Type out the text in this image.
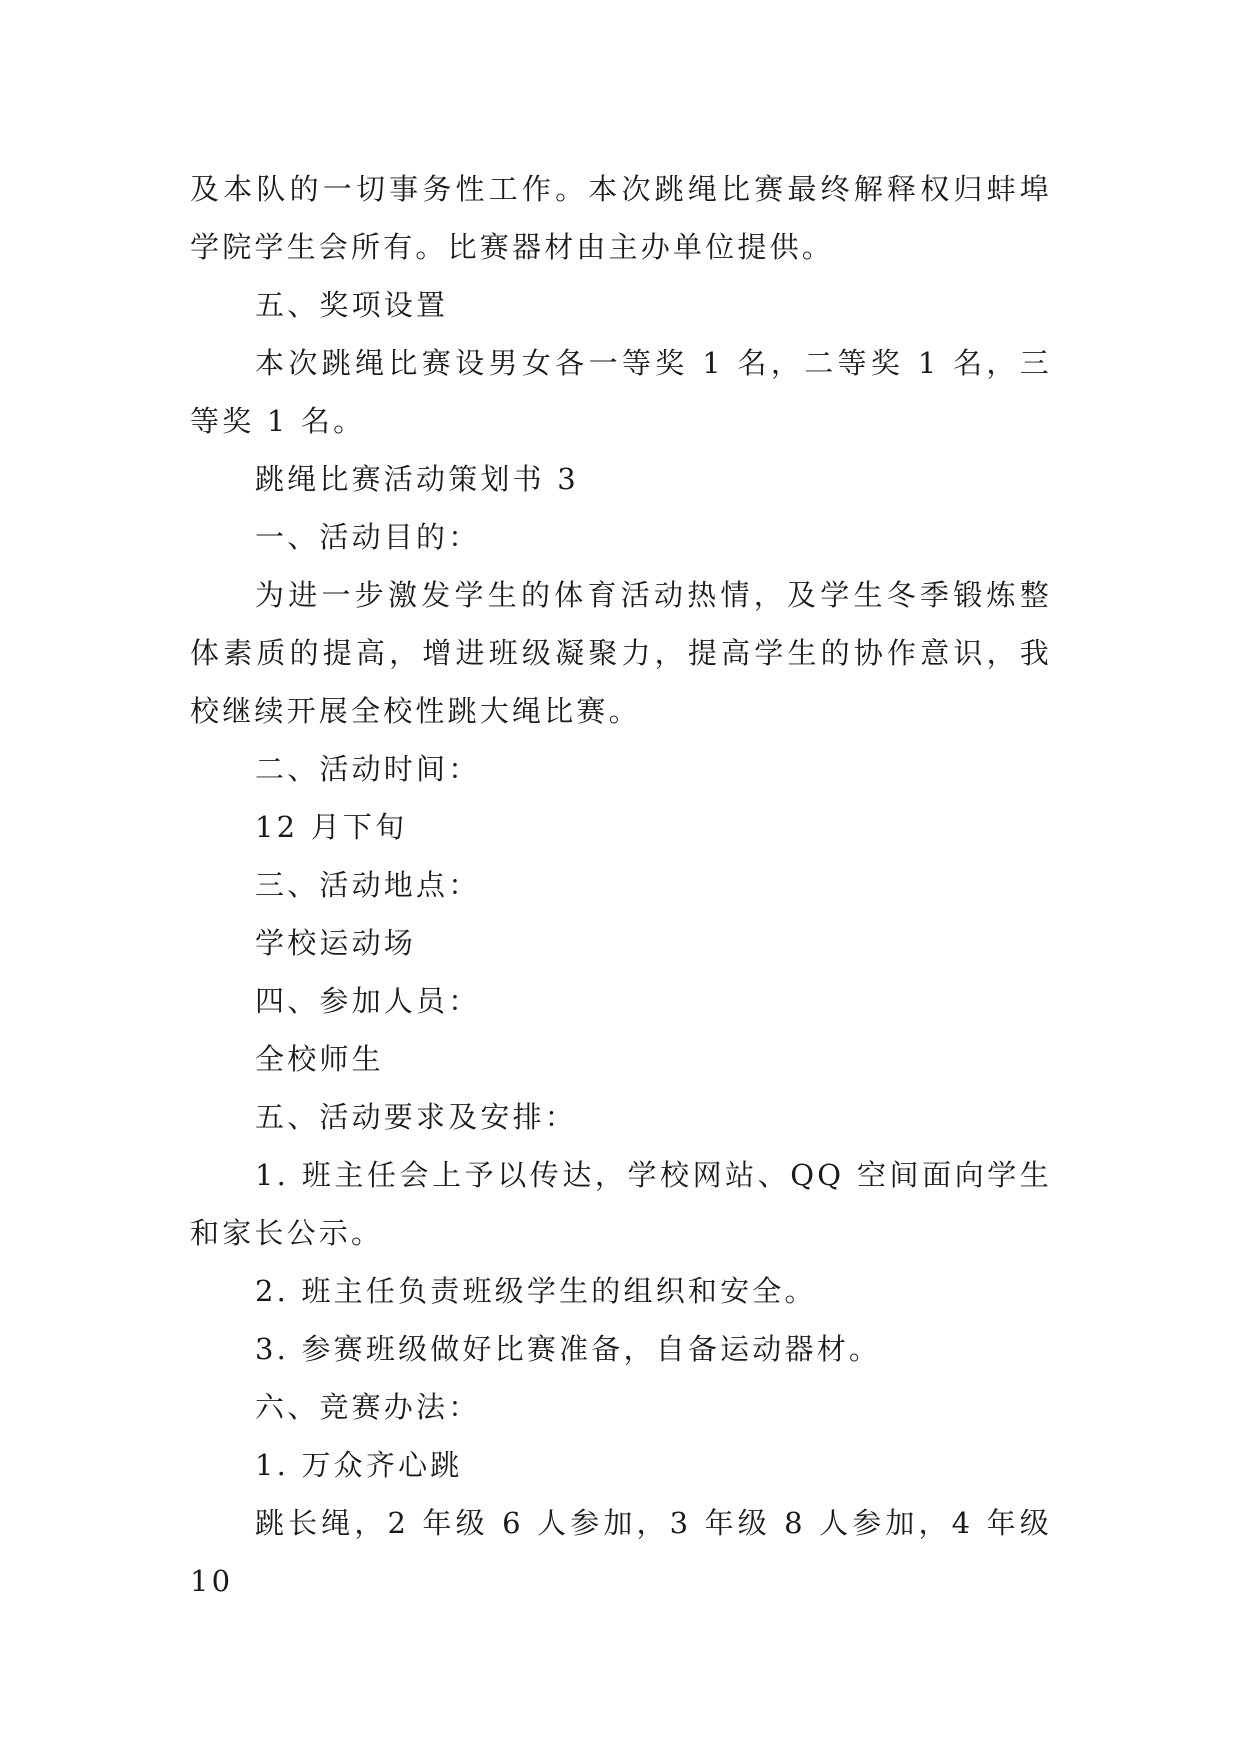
及本队的一切事务性工作。本次跳绳比赛最终解释权归蚌埠学院学生会所有。比赛器材由主办单位提供。

五、奖项设置

本次跳绳比赛设男女各一等奖 1 名，二等奖 1 名，三等奖 1 名。

跳绳比赛活动策划书 3

一、活动目的：

为进一步激发学生的体育活动热情，及学生冬季锻炼整体素质的提高，增进班级凝聚力，提高学生的协作意识，我校继续开展全校性跳大绳比赛。

二、活动时间：

12 月下旬

三、活动地点：

学校运动场

四、参加人员：

全校师生

五、活动要求及安排：

1. 班主任会上予以传达，学校网站、QQ 空间面向学生和家长公示。

2. 班主任负责班级学生的组织和安全。

3. 参赛班级做好比赛准备，自备运动器材。

六、竞赛办法：

1. 万众齐心跳

跳长绳，2 年级 6 人参加，3 年级 8 人参加，4 年级 10
